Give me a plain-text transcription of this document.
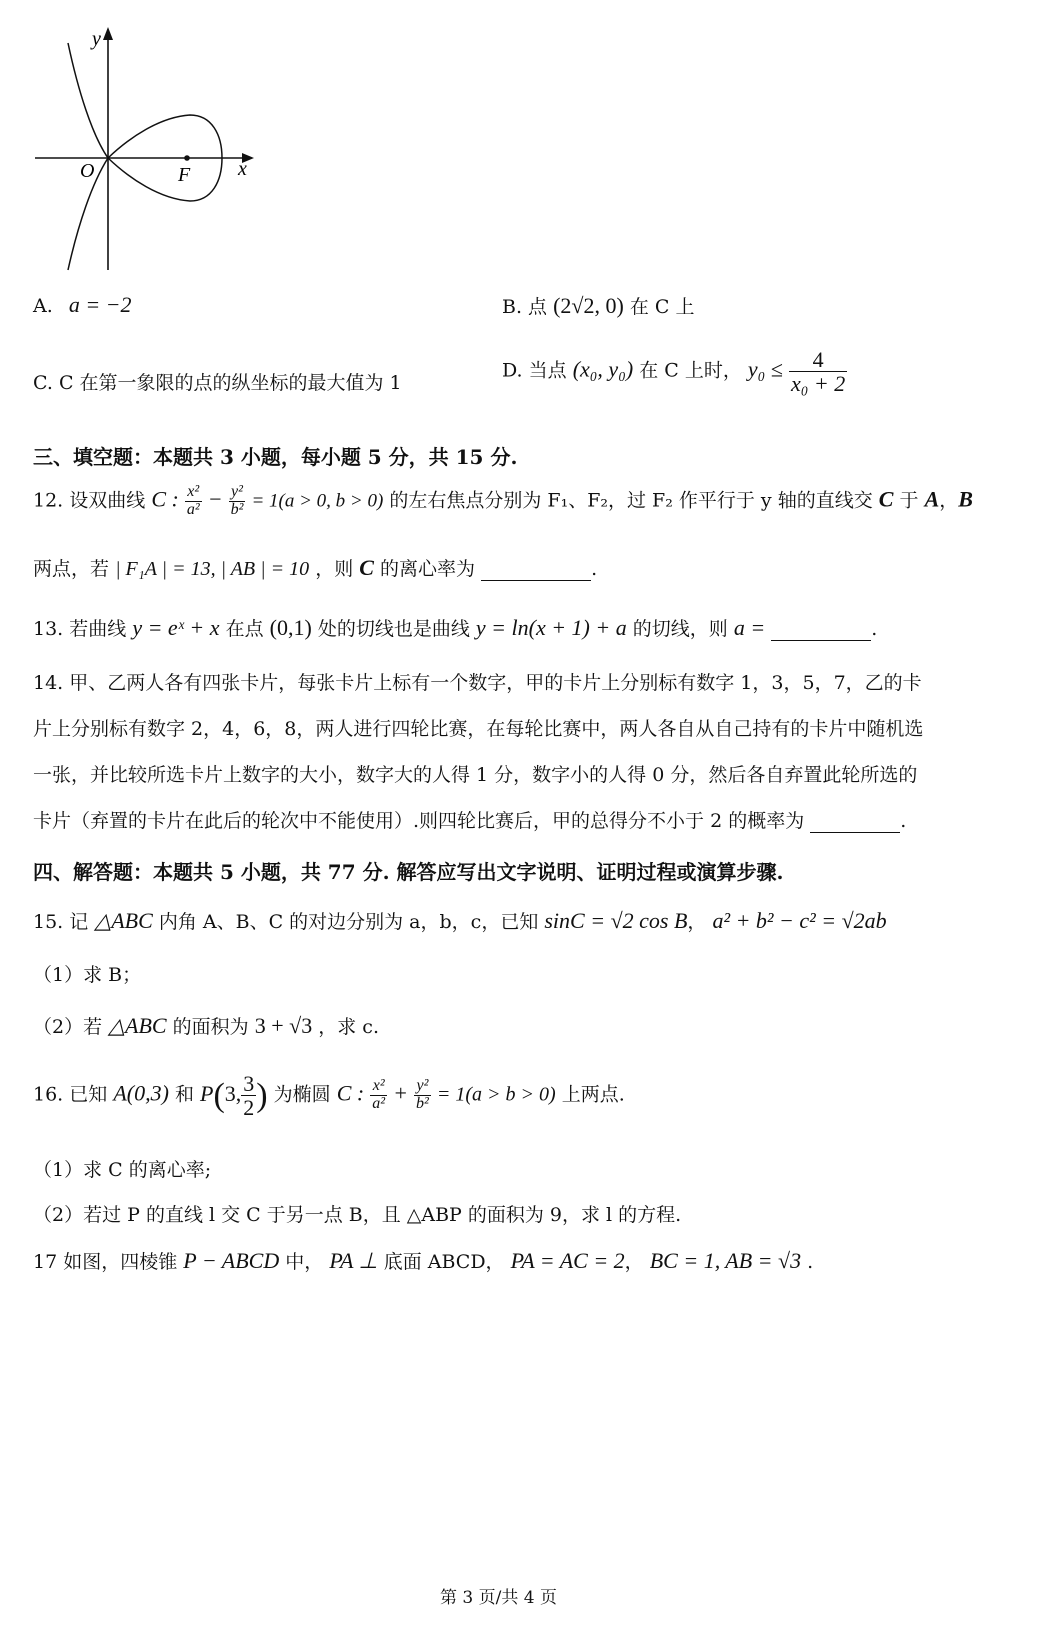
y
x
O	F
A. a = −2	B. 点 (2√2, 0) 在 C 上
C. C 在第一象限的点的纵坐标的最大值为 1
D. 当点 (x₀, y₀) 在 C 上时， $y_0 \le \frac{4}{\text{x₀ + 2}}$
三、填空题：本题共 3 小题，每小题 5 分，共 15 分.
12. 设双曲线 C : $\frac{\text{x²}}{\text{a²}} - \frac{\text{y²}}{\text{b²}} = 1(a > 0$, b > 0) 的左右焦点分别为 F₁、F₂，过 F₂ 作平行于 y 轴的直线交 C 于 A，B
两点，若 | F₁A | = 13, | AB | = 10 ，则 C 的离心率为	.
13. 若曲线 y = eˣ + x 在点 (0,1) 处的切线也是曲线 y = ln(x + 1) + a 的切线，则 a =	.
14. 甲、乙两人各有四张卡片，每张卡片上标有一个数字，甲的卡片上分别标有数字 1，3，5，7，乙的卡
片上分别标有数字 2，4，6，8，两人进行四轮比赛，在每轮比赛中，两人各自从自己持有的卡片中随机选
一张，并比较所选卡片上数字的大小，数字大的人得 1 分，数字小的人得 0 分，然后各自弃置此轮所选的
卡片（弃置的卡片在此后的轮次中不能使用）.则四轮比赛后，甲的总得分不小于 2 的概率为	.
四、解答题：本题共 5 小题，共 77 分. 解答应写出文字说明、证明过程或演算步骤.
15. 记 △ABC 内角 A、B、C 的对边分别为 a，b，c，已知 sinC = √2 cos B， a² + b² − c² = √2ab
（1）求 B；
（2）若 △ABC 的面积为 3 + √3 ，求 c.
16. 已知 A(0,3) 和 P(3, $\frac{3}{2}$ ) 为椭圆 C : $\frac{\text{x²}}{\text{a²}} + \frac{\text{y²}}{\text{b²}} = 1(a > b > 0)$ 上两点.
（1）求 C 的离心率;
（2）若过 P 的直线 l 交 C 于另一点 B，且 △ABP 的面积为 9，求 l 的方程.
17 如图，四棱锥 P − ABCD 中， PA ⊥ 底面 ABCD， PA = AC = 2， BC = 1, AB = √3 .
第 3 页/共 4 页
